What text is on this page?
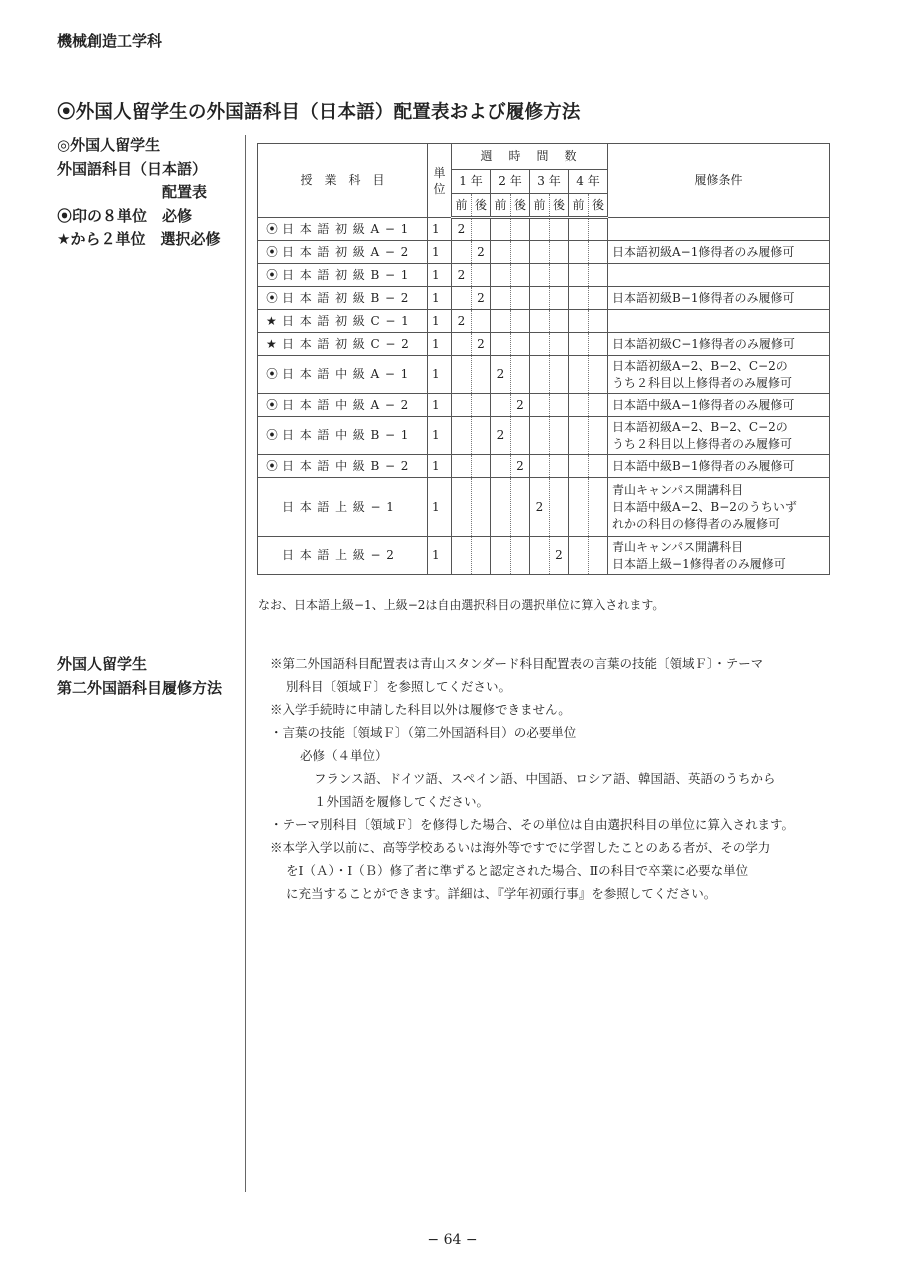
機械創造工学科
⦿外国人留学生の外国語科目（日本語）配置表および履修方法
◎外国人留学生
外国語科目（日本語）
配置表
⦿印の８単位　必修
★から２単位　選択必修
授　業　科　目	単位	週　時　間　数								履修条件
		1 年		2 年		3 年		4 年		
		前	後	前	後	前	後	前	後	
⦿ 日本語初級A−1	1	2								
⦿ 日本語初級A−2	1		2							日本語初級A−1修得者のみ履修可

⦿ 日本語初級B−1	1	2								
⦿ 日本語初級B−2	1		2							日本語初級B−1修得者のみ履修可

★ 日本語初級C−1	1	2								
★ 日本語初級C−2	1		2							日本語初級C−1修得者のみ履修可

⦿ 日本語中級A−1	1			2						日本語初級A−2、B−2、C−2の
うち２科目以上修得者のみ履修可

⦿ 日本語中級A−2	1				2					日本語中級A−1修得者のみ履修可

⦿ 日本語中級B−1	1			2						日本語初級A−2、B−2、C−2の
うち２科目以上修得者のみ履修可

⦿ 日本語中級B−2	1				2					日本語中級B−1修得者のみ履修可

日本語上級−1	1					2				青山キャンパス開講科目
日本語中級A−2、B−2のうちいず
れかの科目の修得者のみ履修可

日本語上級−2	1						2			青山キャンパス開講科目
日本語上級−1修得者のみ履修可
なお、日本語上級−1、上級−2は自由選択科目の選択単位に算入されます。
外国人留学生
第二外国語科目履修方法
※第二外国語科目配置表は青山スタンダード科目配置表の言葉の技能〔領域Ｆ〕・テーマ
別科目〔領域Ｆ〕を参照してください。
※入学手続時に申請した科目以外は履修できません。
・言葉の技能〔領域Ｆ〕（第二外国語科目）の必要単位
必修（４単位）
フランス語、ドイツ語、スペイン語、中国語、ロシア語、韓国語、英語のうちから
１外国語を履修してください。
・テーマ別科目〔領域Ｆ〕を修得した場合、その単位は自由選択科目の単位に算入されます。
※本学入学以前に、高等学校あるいは海外等ですでに学習したことのある者が、その学力
をⅠ（Ａ）・Ⅰ（Ｂ）修了者に準ずると認定された場合、Ⅱの科目で卒業に必要な単位
に充当することができます。詳細は、『学年初頭行事』を参照してください。
− 64 −
